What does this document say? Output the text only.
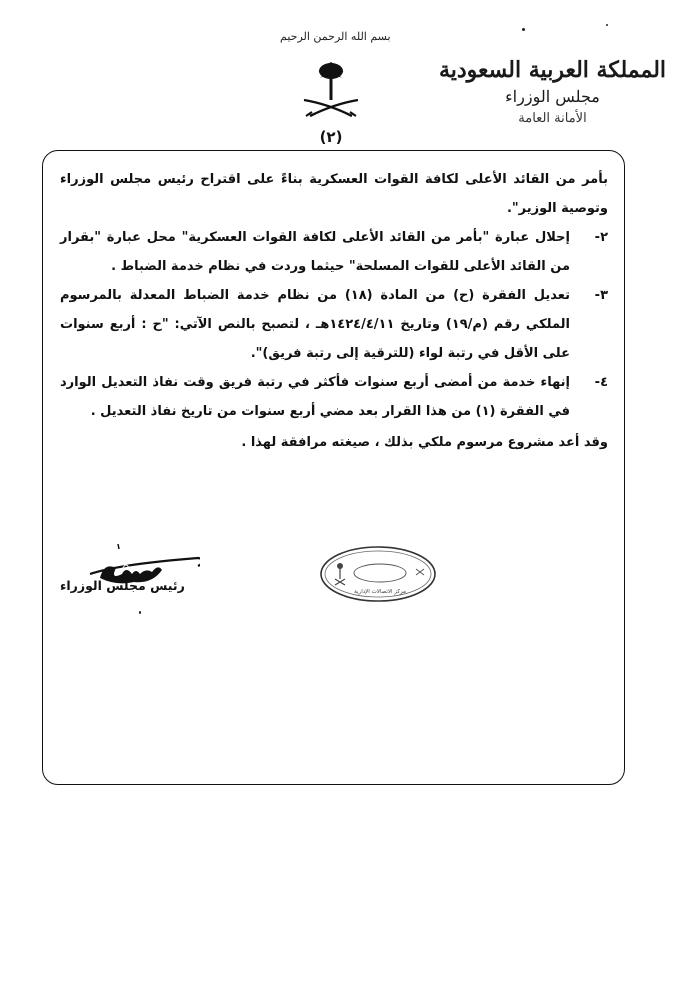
بسم الله الرحمن الرحيم
(٢)
المملكة العربية السعودية
مجلس الوزراء
الأمانة العامة

بأمر من القائد الأعلى لكافة القوات العسكرية بناءً على اقتراح رئيس مجلس الوزراء وتوصية الوزير".

٢-
إحلال عبارة "بأمر من القائد الأعلى لكافة القوات العسكرية" محل عبارة "بقرار من القائد الأعلى للقوات المسلحة" حيثما وردت في نظام خدمة الضباط .
٣-
تعديل الفقرة (ح) من المادة (١٨) من نظام خدمة الضباط المعدلة بالمرسوم الملكي رقم (م/١٩) وتاريخ ١٤٢٤/٤/١١هـ ، لتصبح بالنص الآتي: "ح : أربع سنوات على الأقل في رتبة لواء (للترقية إلى رتبة فريق)".
٤-
إنهاء خدمة من أمضى أربع سنوات فأكثر في رتبة فريق وقت نفاذ التعديل الوارد في الفقرة (١) من هذا القرار بعد مضي أربع سنوات من تاريخ نفاذ التعديل .

وقد أعد مشروع مرسوم ملكي بذلك ، صيغته مرافقة لهذا .

رئيس مجلس الوزراء	مركز الاتصالات الإدارية
